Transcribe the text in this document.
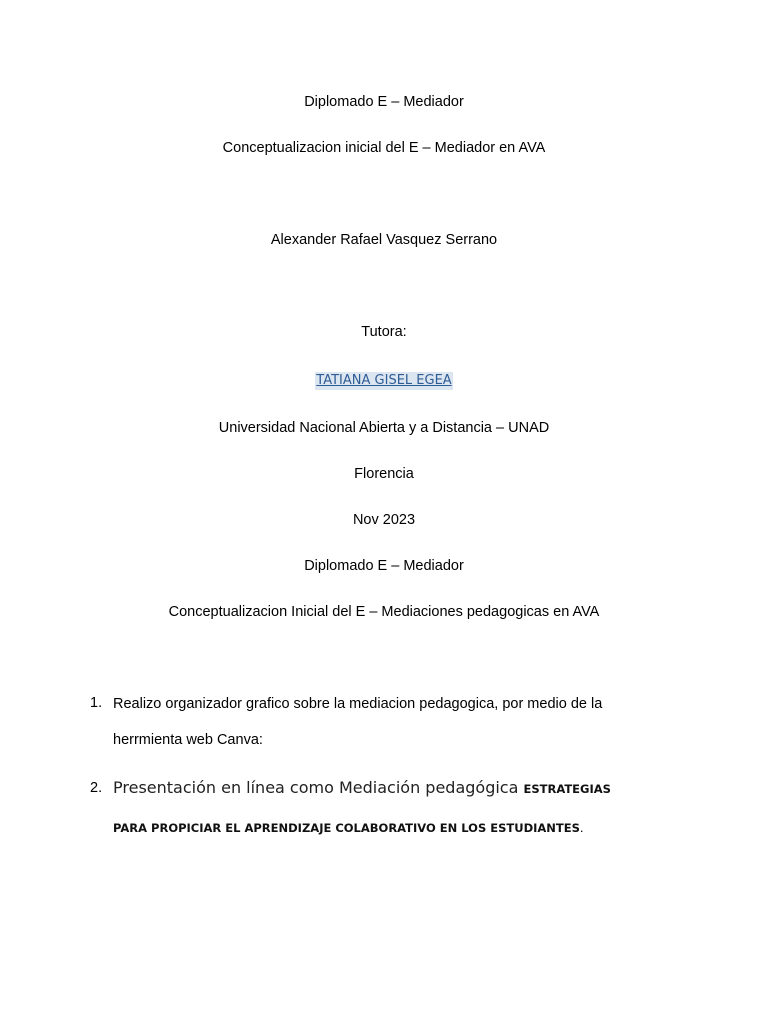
Diplomado E – Mediador
Conceptualizacion inicial del E – Mediador en AVA
Alexander Rafael Vasquez Serrano
Tutora:
TATIANA GISEL EGEA
Universidad Nacional Abierta y a Distancia – UNAD
Florencia
Nov 2023
Diplomado E – Mediador
Conceptualizacion Inicial del E – Mediaciones pedagogicas en AVA
1. Realizo organizador grafico sobre la mediacion pedagogica, por medio de la
herrmienta web Canva:
2. Presentación en línea como Mediación pedagógica ESTRATEGIAS
PARA PROPICIAR EL APRENDIZAJE COLABORATIVO EN LOS ESTUDIANTES.
